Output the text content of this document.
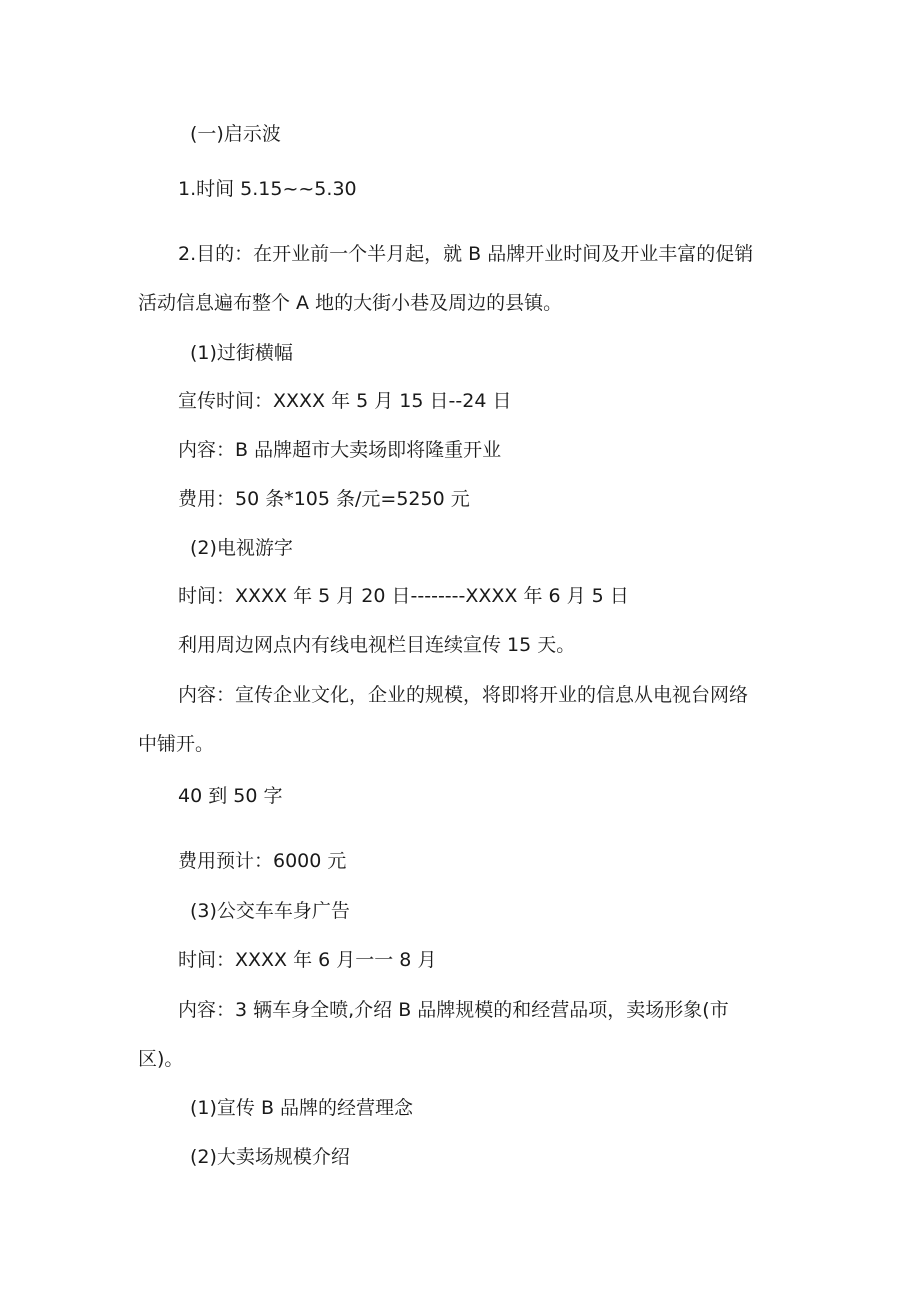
(一)启示波
1.时间 5.15~~5.30
2.目的：在开业前一个半月起，就 B 品牌开业时间及开业丰富的促销
活动信息遍布整个 A 地的大街小巷及周边的县镇。
(1)过街横幅
宣传时间：XXXX 年 5 月 15 日--24 日
内容：B 品牌超市大卖场即将隆重开业
费用：50 条*105 条/元=5250 元
(2)电视游字
时间：XXXX 年 5 月 20 日--------XXXX 年 6 月 5 日
利用周边网点内有线电视栏目连续宣传 15 天。
内容：宣传企业文化，企业的规模，将即将开业的信息从电视台网络
中铺开。
40 到 50 字
费用预计：6000 元
(3)公交车车身广告
时间：XXXX 年 6 月一一 8 月
内容：3 辆车身全喷,介绍 B 品牌规模的和经营品项，卖场形象(市
区)。
(1)宣传 B 品牌的经营理念
(2)大卖场规模介绍
